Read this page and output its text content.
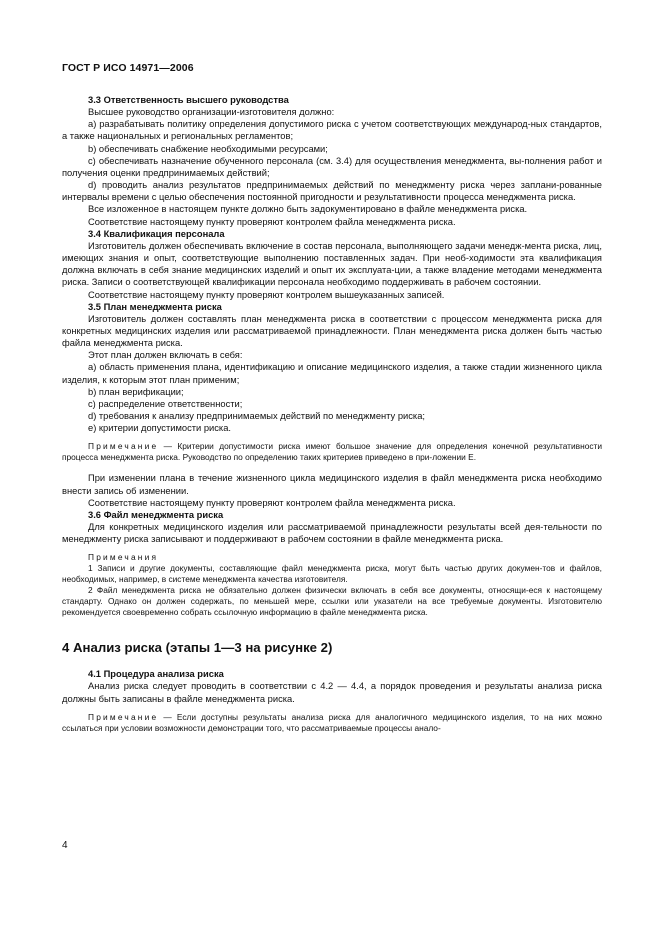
ГОСТ Р ИСО 14971—2006

3.3 Ответственность высшего руководства

Высшее руководство организации-изготовителя должно:

а) разрабатывать политику определения допустимого риска с учетом соответствующих международ-ных стандартов, а также национальных и региональных регламентов;

b) обеспечивать снабжение необходимыми ресурсами;

с) обеспечивать назначение обученного персонала (см. 3.4) для осуществления менеджмента, вы-полнения работ и получения оценки предпринимаемых действий;

d) проводить анализ результатов предпринимаемых действий по менеджменту риска через заплани-рованные интервалы времени с целью обеспечения постоянной пригодности и результативности процесса менеджмента риска.

Все изложенное в настоящем пункте должно быть задокументировано в файле менеджмента риска.

Соответствие настоящему пункту проверяют контролем файла менеджмента риска.

3.4 Квалификация персонала

Изготовитель должен обеспечивать включение в состав персонала, выполняющего задачи менедж-мента риска, лиц, имеющих знания и опыт, соответствующие выполнению поставленных задач. При необ-ходимости эта квалификация должна включать в себя знание медицинских изделий и опыт их эксплуата-ции, а также владение методами менеджмента риска. Записи о соответствующей квалификации персонала необходимо поддерживать в рабочем состоянии.

Соответствие настоящему пункту проверяют контролем вышеуказанных записей.

3.5 План менеджмента риска

Изготовитель должен составлять план менеджмента риска в соответствии с процессом менеджмента риска для конкретных медицинских изделия или рассматриваемой принадлежности. План менеджмента риска должен быть частью файла менеджмента риска.

Этот план должен включать в себя:

а) область применения плана, идентификацию и описание медицинского изделия, а также стадии жизненного цикла изделия, к которым этот план применим;

b) план верификации;

с) распределение ответственности;

d) требования к анализу предпринимаемых действий по менеджменту риска;

е) критерии допустимости риска.

Примечание — Критерии допустимости риска имеют большое значение для определения конечной результативности процесса менеджмента риска. Руководство по определению таких критериев приведено в при-ложении Е.

При изменении плана в течение жизненного цикла медицинского изделия в файл менеджмента риска необходимо внести запись об изменении.

Соответствие настоящему пункту проверяют контролем файла менеджмента риска.

3.6 Файл менеджмента риска

Для конкретных медицинского изделия или рассматриваемой принадлежности результаты всей дея-тельности по менеджменту риска записывают и поддерживают в рабочем состоянии в файле менеджмента риска.

Примечания

1 Записи и другие документы, составляющие файл менеджмента риска, могут быть частью других докумен-тов и файлов, необходимых, например, в системе менеджмента качества изготовителя.

2 Файл менеджмента риска не обязательно должен физически включать в себя все документы, относящи-еся к настоящему стандарту. Однако он должен содержать, по меньшей мере, ссылки или указатели на все требуемые документы. Изготовителю рекомендуется своевременно собрать ссылочную информацию в файле менеджмента риска.

4 Анализ риска (этапы 1—3 на рисунке 2)

4.1 Процедура анализа риска

Анализ риска следует проводить в соответствии с 4.2 — 4.4, а порядок проведения и результаты анализа риска должны быть записаны в файле менеджмента риска.

Примечание — Если доступны результаты анализа риска для аналогичного медицинского изделия, то на них можно ссылаться при условии возможности демонстрации того, что рассматриваемые процессы анало-

4
